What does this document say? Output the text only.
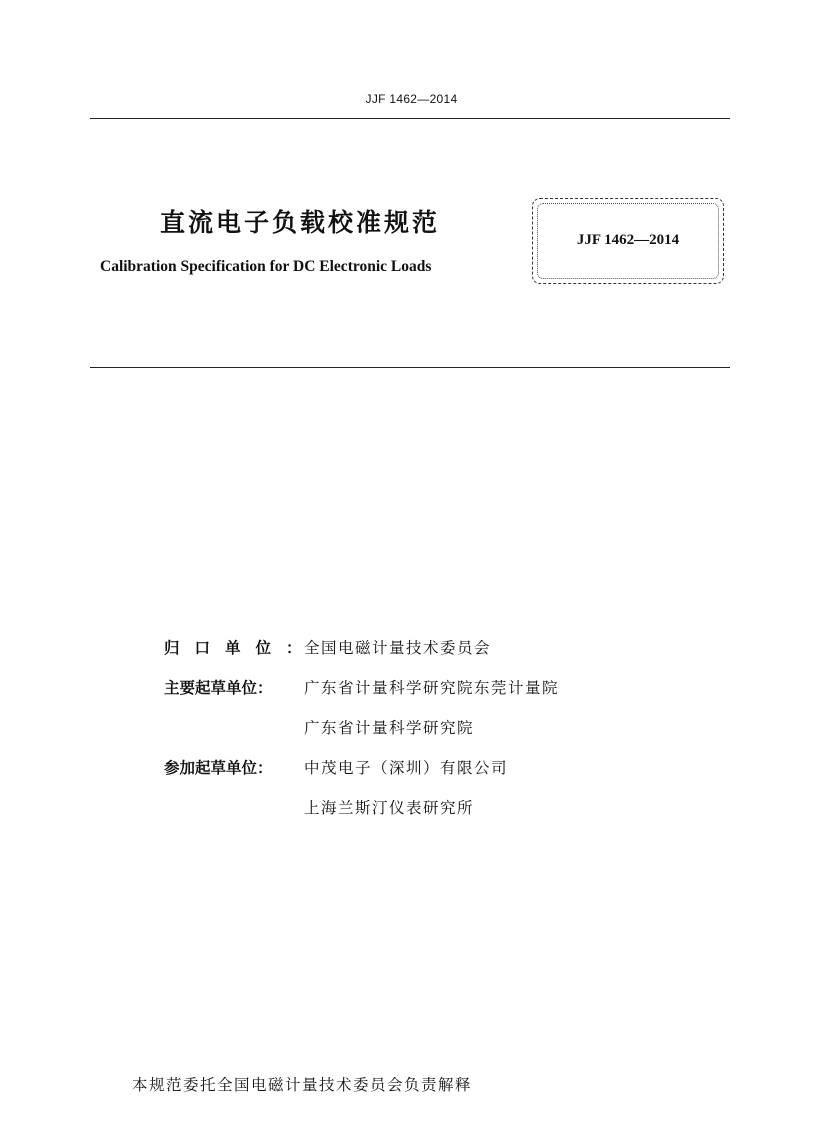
JJF 1462—2014
直流电子负载校准规范
Calibration Specification for DC Electronic Loads
JJF 1462—2014
归口单位：全国电磁计量技术委员会
主要起草单位： 广东省计量科学研究院东莞计量院
广东省计量科学研究院
参加起草单位： 中茂电子（深圳）有限公司
上海兰斯汀仪表研究所
本规范委托全国电磁计量技术委员会负责解释
